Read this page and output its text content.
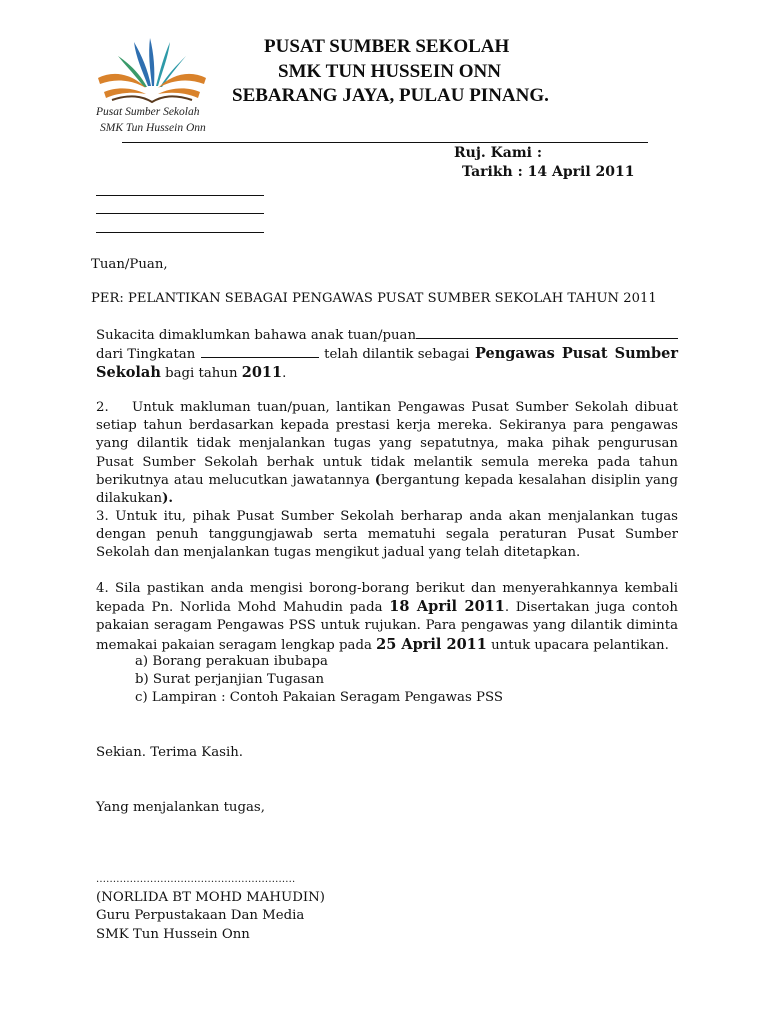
Pusat Sumber Sekolah
SMK Tun Hussein Onn
PUSAT SUMBER SEKOLAH
SMK TUN HUSSEIN ONN
SEBARANG JAYA, PULAU PINANG.
Ruj. Kami :
Tarikh : 14 April 2011
Tuan/Puan,
PER: PELANTIKAN SEBAGAI PENGAWAS PUSAT SUMBER SEKOLAH TAHUN 2011
Sukacita dimaklumkan bahawa anak tuan/puan
dari Tingkatan	telah dilantik sebagai Pengawas Pusat Sumber
Sekolah bagi tahun 2011.
2. Untuk makluman tuan/puan, lantikan Pengawas Pusat Sumber Sekolah dibuat setiap tahun berdasarkan kepada prestasi kerja mereka. Sekiranya para pengawas yang dilantik tidak menjalankan tugas yang sepatutnya, maka pihak pengurusan Pusat Sumber Sekolah berhak untuk tidak melantik semula mereka pada tahun berikutnya atau melucutkan jawatannya (bergantung kepada kesalahan disiplin yang dilakukan).
3. Untuk itu, pihak Pusat Sumber Sekolah berharap anda akan menjalankan tugas dengan penuh tanggungjawab serta mematuhi segala peraturan Pusat Sumber Sekolah dan menjalankan tugas mengikut jadual yang telah ditetapkan.
4. Sila pastikan anda mengisi borong-borang berikut dan menyerahkannya kembali kepada Pn. Norlida Mohd Mahudin pada 18 April 2011. Disertakan juga contoh pakaian seragam Pengawas PSS untuk rujukan. Para pengawas yang dilantik diminta memakai pakaian seragam lengkap pada 25 April 2011 untuk upacara pelantikan.
a) Borang perakuan ibubapa
b) Surat perjanjian Tugasan
c) Lampiran : Contoh Pakaian Seragam Pengawas PSS
Sekian. Terima Kasih.
Yang menjalankan tugas,
...........................................................
(NORLIDA BT MOHD MAHUDIN)
Guru Perpustakaan Dan Media
SMK Tun Hussein Onn
